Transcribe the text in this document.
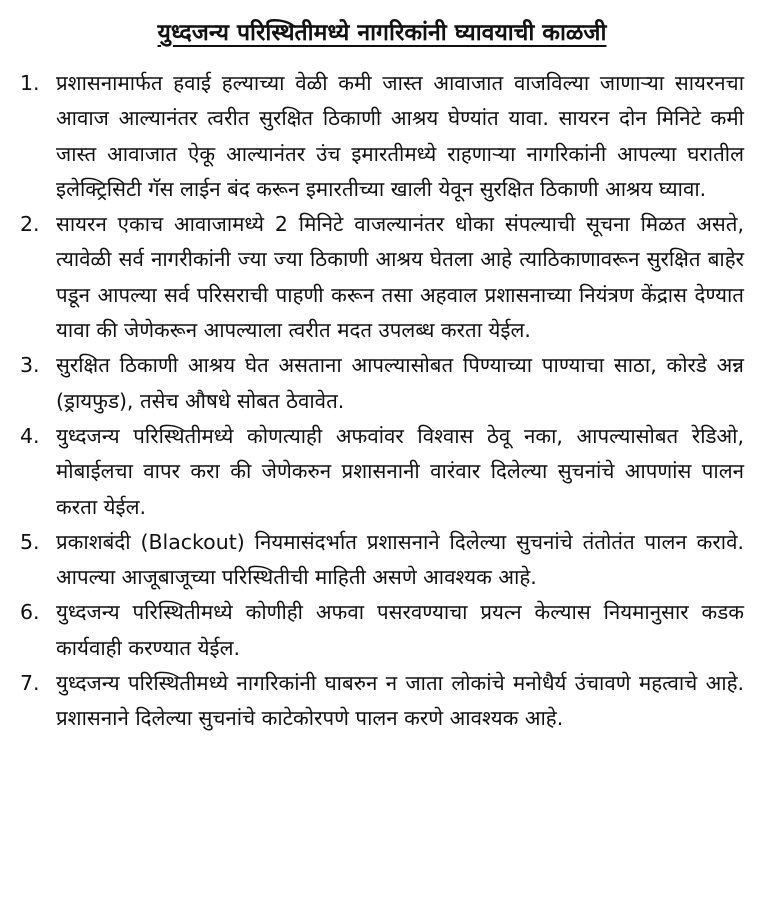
युध्दजन्य परिस्थितीमध्ये नागरिकांनी घ्यावयाची काळजी
1. प्रशासनामार्फत हवाई हल्याच्या वेळी कमी जास्त आवाजात वाजविल्या जाणाऱ्या सायरनचा आवाज आल्यानंतर त्वरीत सुरक्षित ठिकाणी आश्रय घेण्यांत यावा. सायरन दोन मिनिटे कमी जास्त आवाजात ऐकू आल्यानंतर उंच इमारतीमध्ये राहणाऱ्या नागरिकांनी आपल्या घरातील इलेक्ट्रिसिटी गॅस लाईन बंद करून इमारतीच्या खाली येवून सुरक्षित ठिकाणी आश्रय घ्यावा.
2. सायरन एकाच आवाजामध्ये 2 मिनिटे वाजल्यानंतर धोका संपल्याची सूचना मिळत असते, त्यावेळी सर्व नागरीकांनी ज्या ज्या ठिकाणी आश्रय घेतला आहे त्याठिकाणावरून सुरक्षित बाहेर पडून आपल्या सर्व परिसराची पाहणी करून तसा अहवाल प्रशासनाच्या नियंत्रण केंद्रास देण्यात यावा की जेणेकरून आपल्याला त्वरीत मदत उपलब्ध करता येईल.
3. सुरक्षित ठिकाणी आश्रय घेत असताना आपल्यासोबत पिण्याच्या पाण्याचा साठा, कोरडे अन्न (ड्रायफुड), तसेच औषधे सोबत ठेवावेत.
4. युध्दजन्य परिस्थितीमध्ये कोणत्याही अफवांवर विश्वास ठेवू नका, आपल्यासोबत रेडिओ, मोबाईलचा वापर करा की जेणेकरुन प्रशासनानी वारंवार दिलेल्या सुचनांचे आपणांस पालन करता येईल.
5. प्रकाशबंदी (Blackout) नियमासंदर्भात प्रशासनाने दिलेल्या सुचनांचे तंतोतंत पालन करावे. आपल्या आजूबाजूच्या परिस्थितीची माहिती असणे आवश्यक आहे.
6. युध्दजन्य परिस्थितीमध्ये कोणीही अफवा पसरवण्याचा प्रयत्न केल्यास नियमानुसार कडक कार्यवाही करण्यात येईल.
7. युध्दजन्य परिस्थितीमध्ये नागरिकांनी घाबरुन न जाता लोकांचे मनोधैर्य उंचावणे महत्वाचे आहे. प्रशासनाने दिलेल्या सुचनांचे काटेकोरपणे पालन करणे आवश्यक आहे.
